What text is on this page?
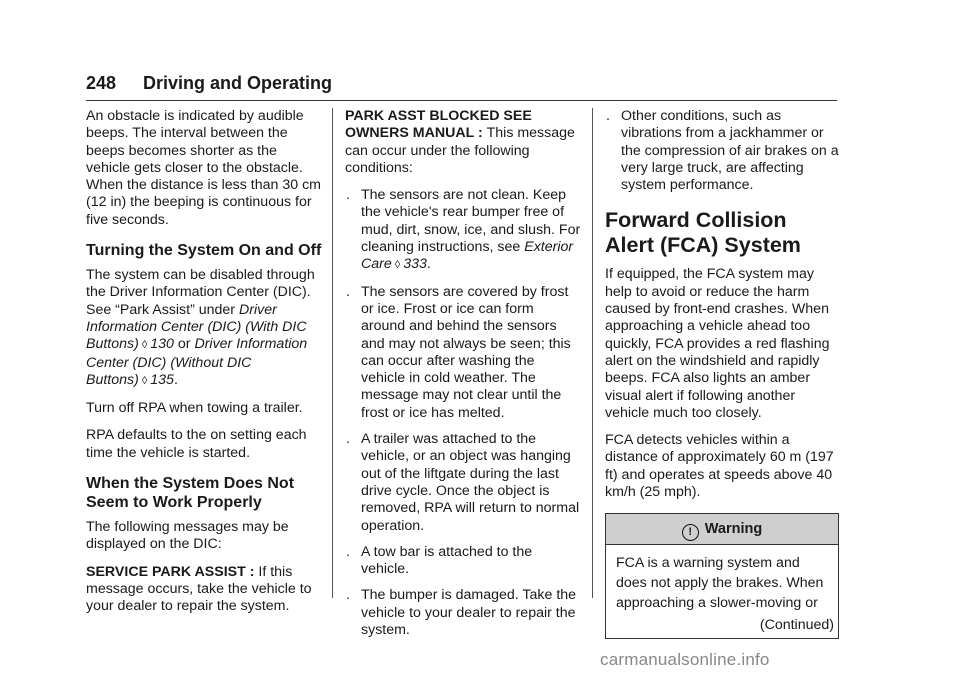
248 Driving and Operating

An obstacle is indicated by audible beeps. The interval between the beeps becomes shorter as the vehicle gets closer to the obstacle. When the distance is less than 30 cm (12 in) the beeping is continuous for five seconds.

Turning the System On and Off

The system can be disabled through the Driver Information Center (DIC). See “Park Assist” under Driver Information Center (DIC) (With DIC Buttons) ◊ 130 or Driver Information Center (DIC) (Without DIC Buttons) ◊ 135.

Turn off RPA when towing a trailer.

RPA defaults to the on setting each time the vehicle is started.

When the System Does Not Seem to Work Properly

The following messages may be displayed on the DIC:

SERVICE PARK ASSIST : If this message occurs, take the vehicle to your dealer to repair the system.

PARK ASST BLOCKED SEE OWNERS MANUAL : This message can occur under the following conditions:

. The sensors are not clean. Keep the vehicle's rear bumper free of mud, dirt, snow, ice, and slush. For cleaning instructions, see Exterior Care ◊ 333.
. The sensors are covered by frost or ice. Frost or ice can form around and behind the sensors and may not always be seen; this can occur after washing the vehicle in cold weather. The message may not clear until the frost or ice has melted.
. A trailer was attached to the vehicle, or an object was hanging out of the liftgate during the last drive cycle. Once the object is removed, RPA will return to normal operation.
. A tow bar is attached to the vehicle.
. The bumper is damaged. Take the vehicle to your dealer to repair the system.
. Other conditions, such as vibrations from a jackhammer or the compression of air brakes on a very large truck, are affecting system performance.
Forward Collision Alert (FCA) System

If equipped, the FCA system may help to avoid or reduce the harm caused by front-end crashes. When approaching a vehicle ahead too quickly, FCA provides a red flashing alert on the windshield and rapidly beeps. FCA also lights an amber visual alert if following another vehicle much too closely.

FCA detects vehicles within a distance of approximately 60 m (197 ft) and operates at speeds above 40 km/h (25 mph).

! Warning
FCA is a warning system and does not apply the brakes. When approaching a slower-moving or
(Continued)
carmanualsonline.info
